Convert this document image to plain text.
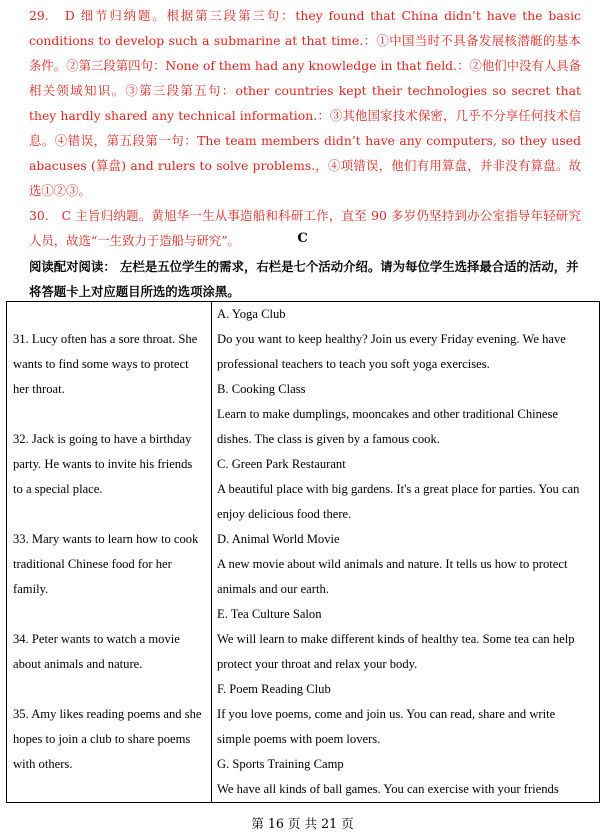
29.　D 细节归纳题。根据第三段第三句：they found that China didn’t have the basic conditions to develop such a submarine at that time.：①中国当时不具备发展核潜艇的基本条件。②第三段第四句：None of them had any knowledge in that field.：②他们中没有人具备相关领域知识。③第三段第五句：other countries kept their technologies so secret that they hardly shared any technical information.：③其他国家技术保密，几乎不分享任何技术信息。④错误，第五段第一句：The team members didn’t have any computers, so they used abacuses (算盘) and rulers to solve problems.，④项错误，他们有用算盘，并非没有算盘。故选①②③。

30.　C 主旨归纳题。黄旭华一生从事造船和科研工作，直至 90 多岁仍坚持到办公室指导年轻研究人员，故选“一生致力于造船与研究”。	C
阅读配对阅读： 左栏是五位学生的需求，右栏是七个活动介绍。请为每位学生选择最合适的活动，并将答题卡上对应题目所选的选项涂黑。
31. Lucy often has a sore throat. She
wants to find some ways to protect
her throat.
32. Jack is going to have a birthday
party. He wants to invite his friends
to a special place.
33. Mary wants to learn how to cook
traditional Chinese food for her
family.
34. Peter wants to watch a movie
about animals and nature.
35. Amy likes reading poems and she
hopes to join a club to share poems
with others.

A. Yoga Club
Do you want to keep healthy? Join us every Friday evening. We have
professional teachers to teach you soft yoga exercises.
B. Cooking Class
Learn to make dumplings, mooncakes and other traditional Chinese
dishes. The class is given by a famous cook.
C. Green Park Restaurant
A beautiful place with big gardens. It's a great place for parties. You can
enjoy delicious food there.
D. Animal World Movie
A new movie about wild animals and nature. It tells us how to protect
animals and our earth.
E. Tea Culture Salon
We will learn to make different kinds of healthy tea. Some tea can help
protect your throat and relax your body.
F. Poem Reading Club
If you love poems, come and join us. You can read, share and write
simple poems with poem lovers.
G. Sports Training Camp
We have all kinds of ball games. You can exercise with your friends
第 16 页 共 21 页
